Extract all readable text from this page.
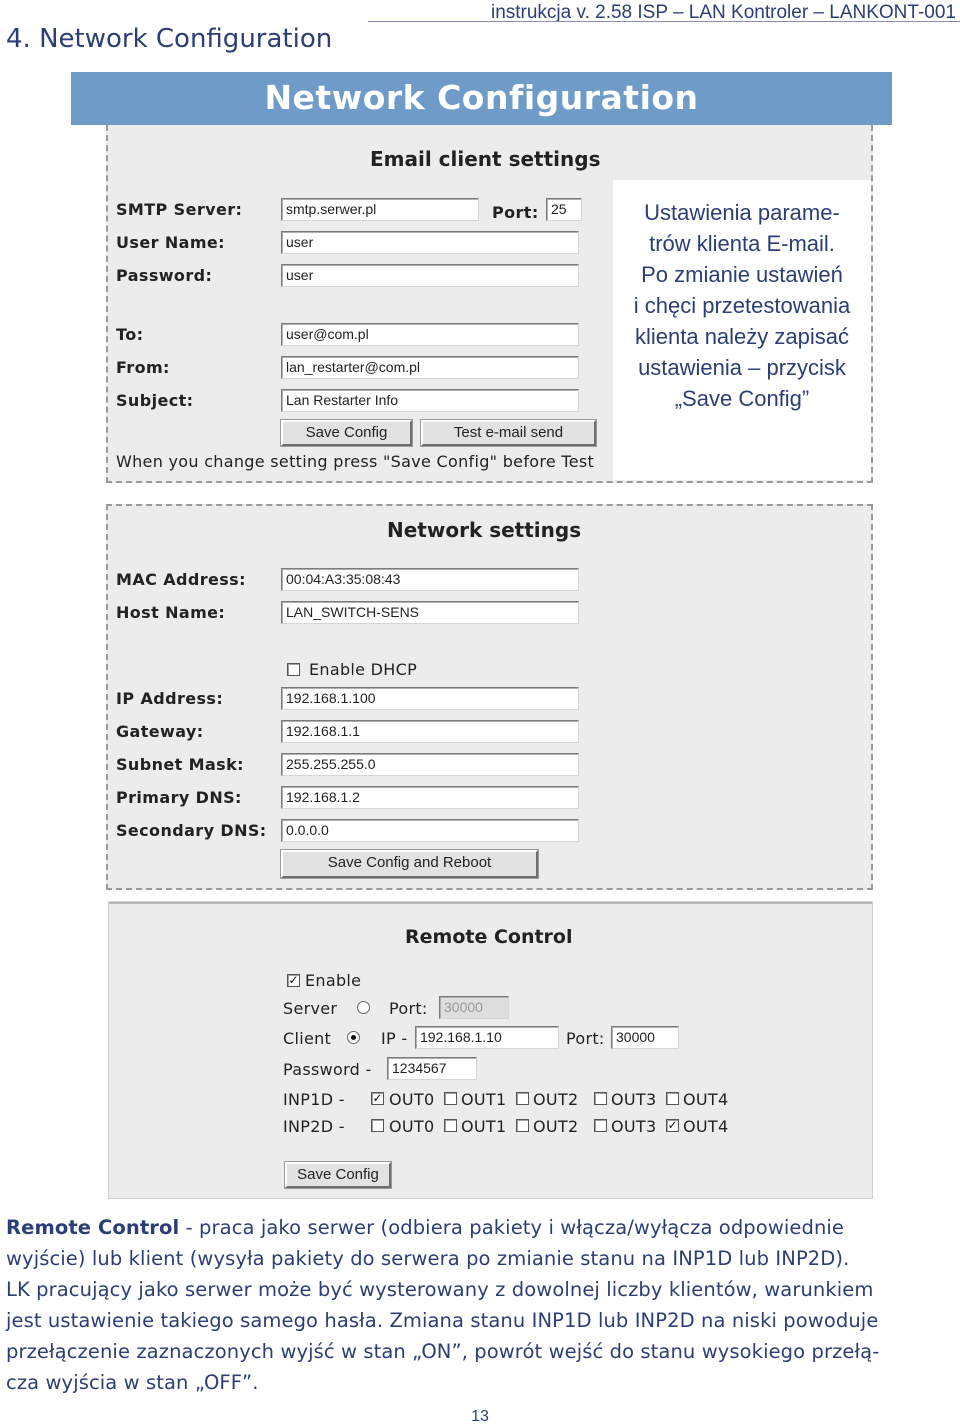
instrukcja v. 2.58 ISP – LAN Kontroler – LANKONT-001
4. Network Configuration
Network Configuration
Email client settings
SMTP Server:	smtp.serwer.pl	Port: 25
User Name:	user
Password:	user
To:	user@com.pl
From:	lan_restarter@com.pl
Subject:	Lan Restarter Info
Save Config	Test e-mail send
When you change setting press "Save Config" before Test
Ustawienia parame-
trów klienta E-mail.
Po zmianie ustawień
i chęci przetestowania
klienta należy zapisać
ustawienia – przycisk
„Save Config”
Network settings
MAC Address:	00:04:A3:35:08:43
Host Name:	LAN_SWITCH-SENS
Enable DHCP
IP Address:	192.168.1.100
Gateway:	192.168.1.1
Subnet Mask:	255.255.255.0
Primary DNS:	192.168.1.2
Secondary DNS:	0.0.0.0
Save Config and Reboot
Remote Control
✓ Enable
Server	Port:	30000
Client	IP - 192.168.1.10	Port: 30000
Password -	1234567
INP1D - ✓ OUT0 OUT1 OUT2 OUT3 OUT4
INP2D -	OUT0 OUT1 OUT2 OUT3 ✓ OUT4
Save Config
Remote Control - praca jako serwer (odbiera pakiety i włącza/wyłącza odpowiednie
wyjście) lub klient (wysyła pakiety do serwera po zmianie stanu na INP1D lub INP2D).
LK pracujący jako serwer może być wysterowany z dowolnej liczby klientów, warunkiem
jest ustawienie takiego samego hasła. Zmiana stanu INP1D lub INP2D na niski powoduje
przełączenie zaznaczonych wyjść w stan „ON”, powrót wejść do stanu wysokiego przełą-
cza wyjścia w stan „OFF”.
13
